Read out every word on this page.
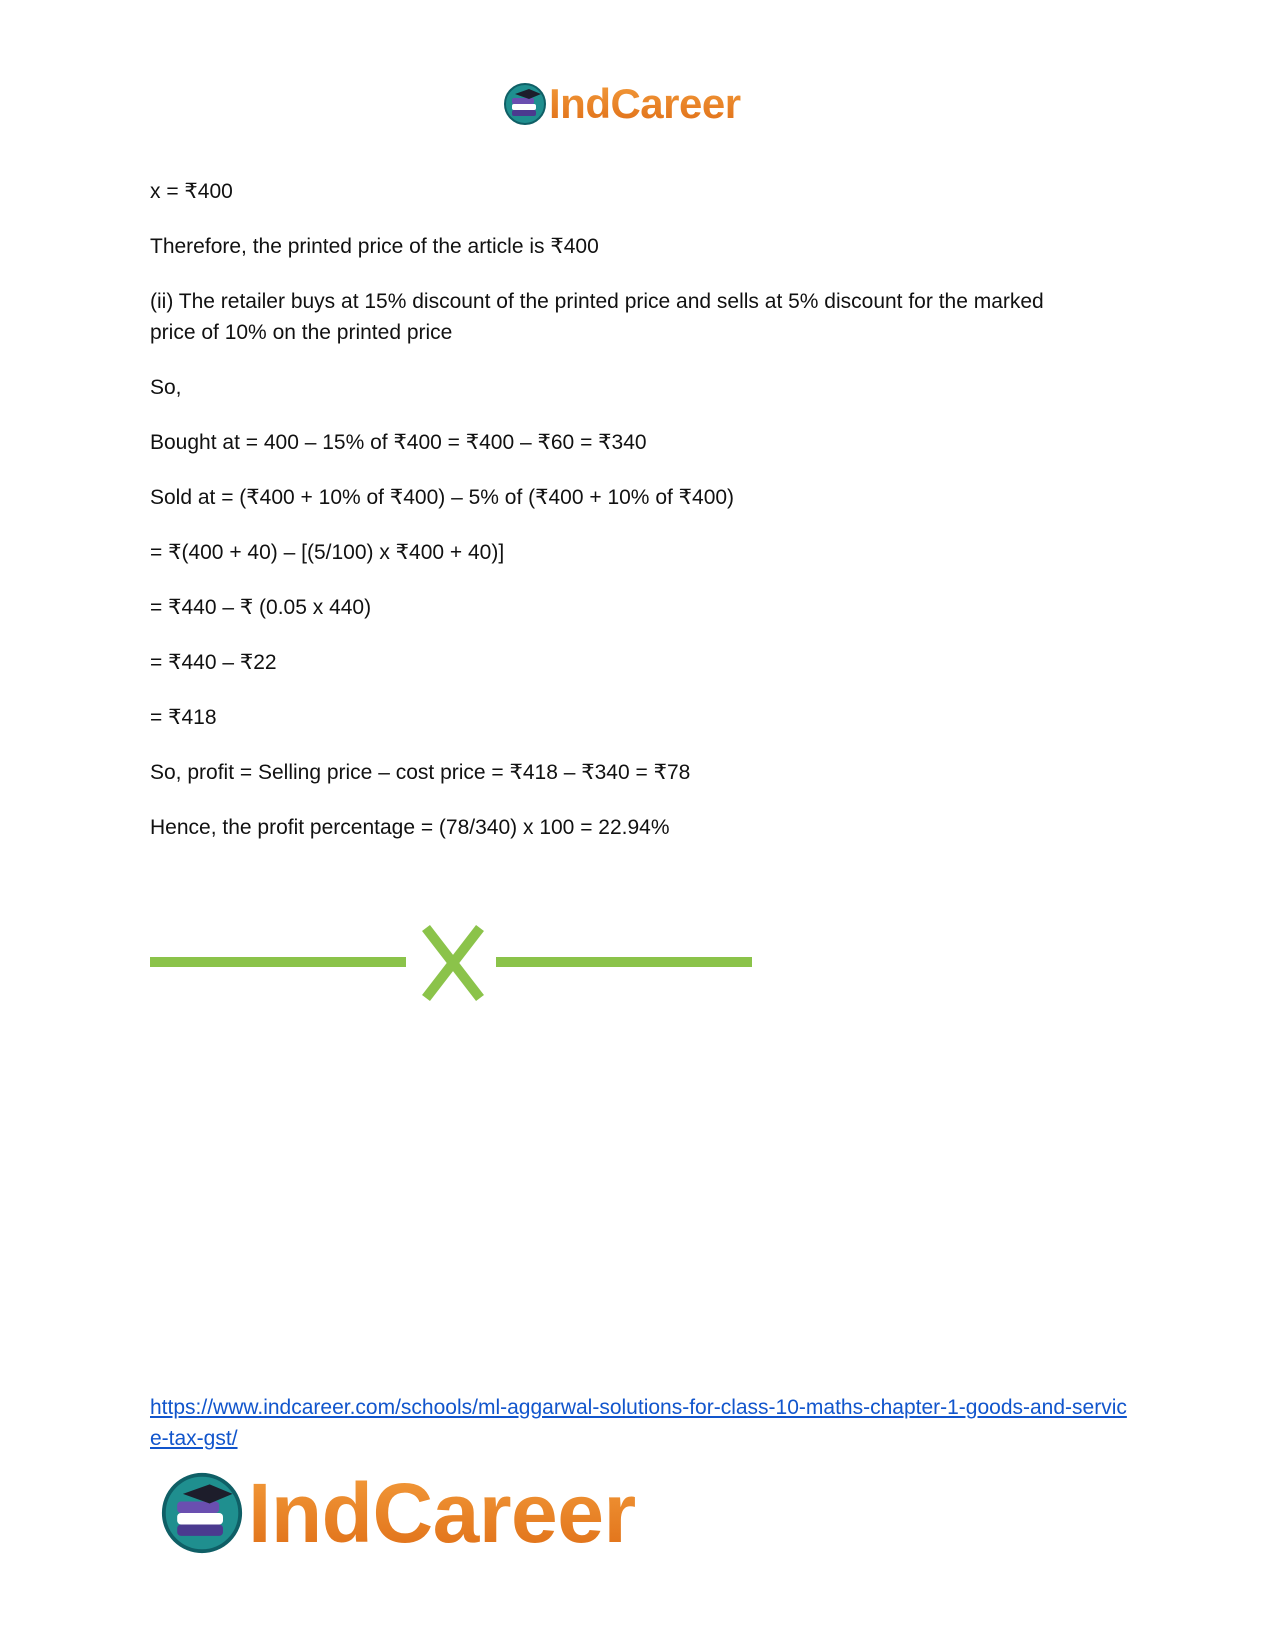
IndCareer

x = ₹400

Therefore, the printed price of the article is ₹400

(ii) The retailer buys at 15% discount of the printed price and sells at 5% discount for the marked price of 10% on the printed price

So,

Bought at = 400 – 15% of ₹400 = ₹400 – ₹60 = ₹340

Sold at = (₹400 + 10% of ₹400) – 5% of (₹400 + 10% of ₹400)

= ₹(400 + 40) – [(5/100) x ₹400 + 40)]

= ₹440 – ₹ (0.05 x 440)

= ₹440 – ₹22

= ₹418

So, profit = Selling price – cost price = ₹418 – ₹340 = ₹78

Hence, the profit percentage = (78/340) x 100 = 22.94%

https://www.indcareer.com/schools/ml-aggarwal-solutions-for-class-10-maths-chapter-1-goods-and-service-tax-gst/
IndCareer
